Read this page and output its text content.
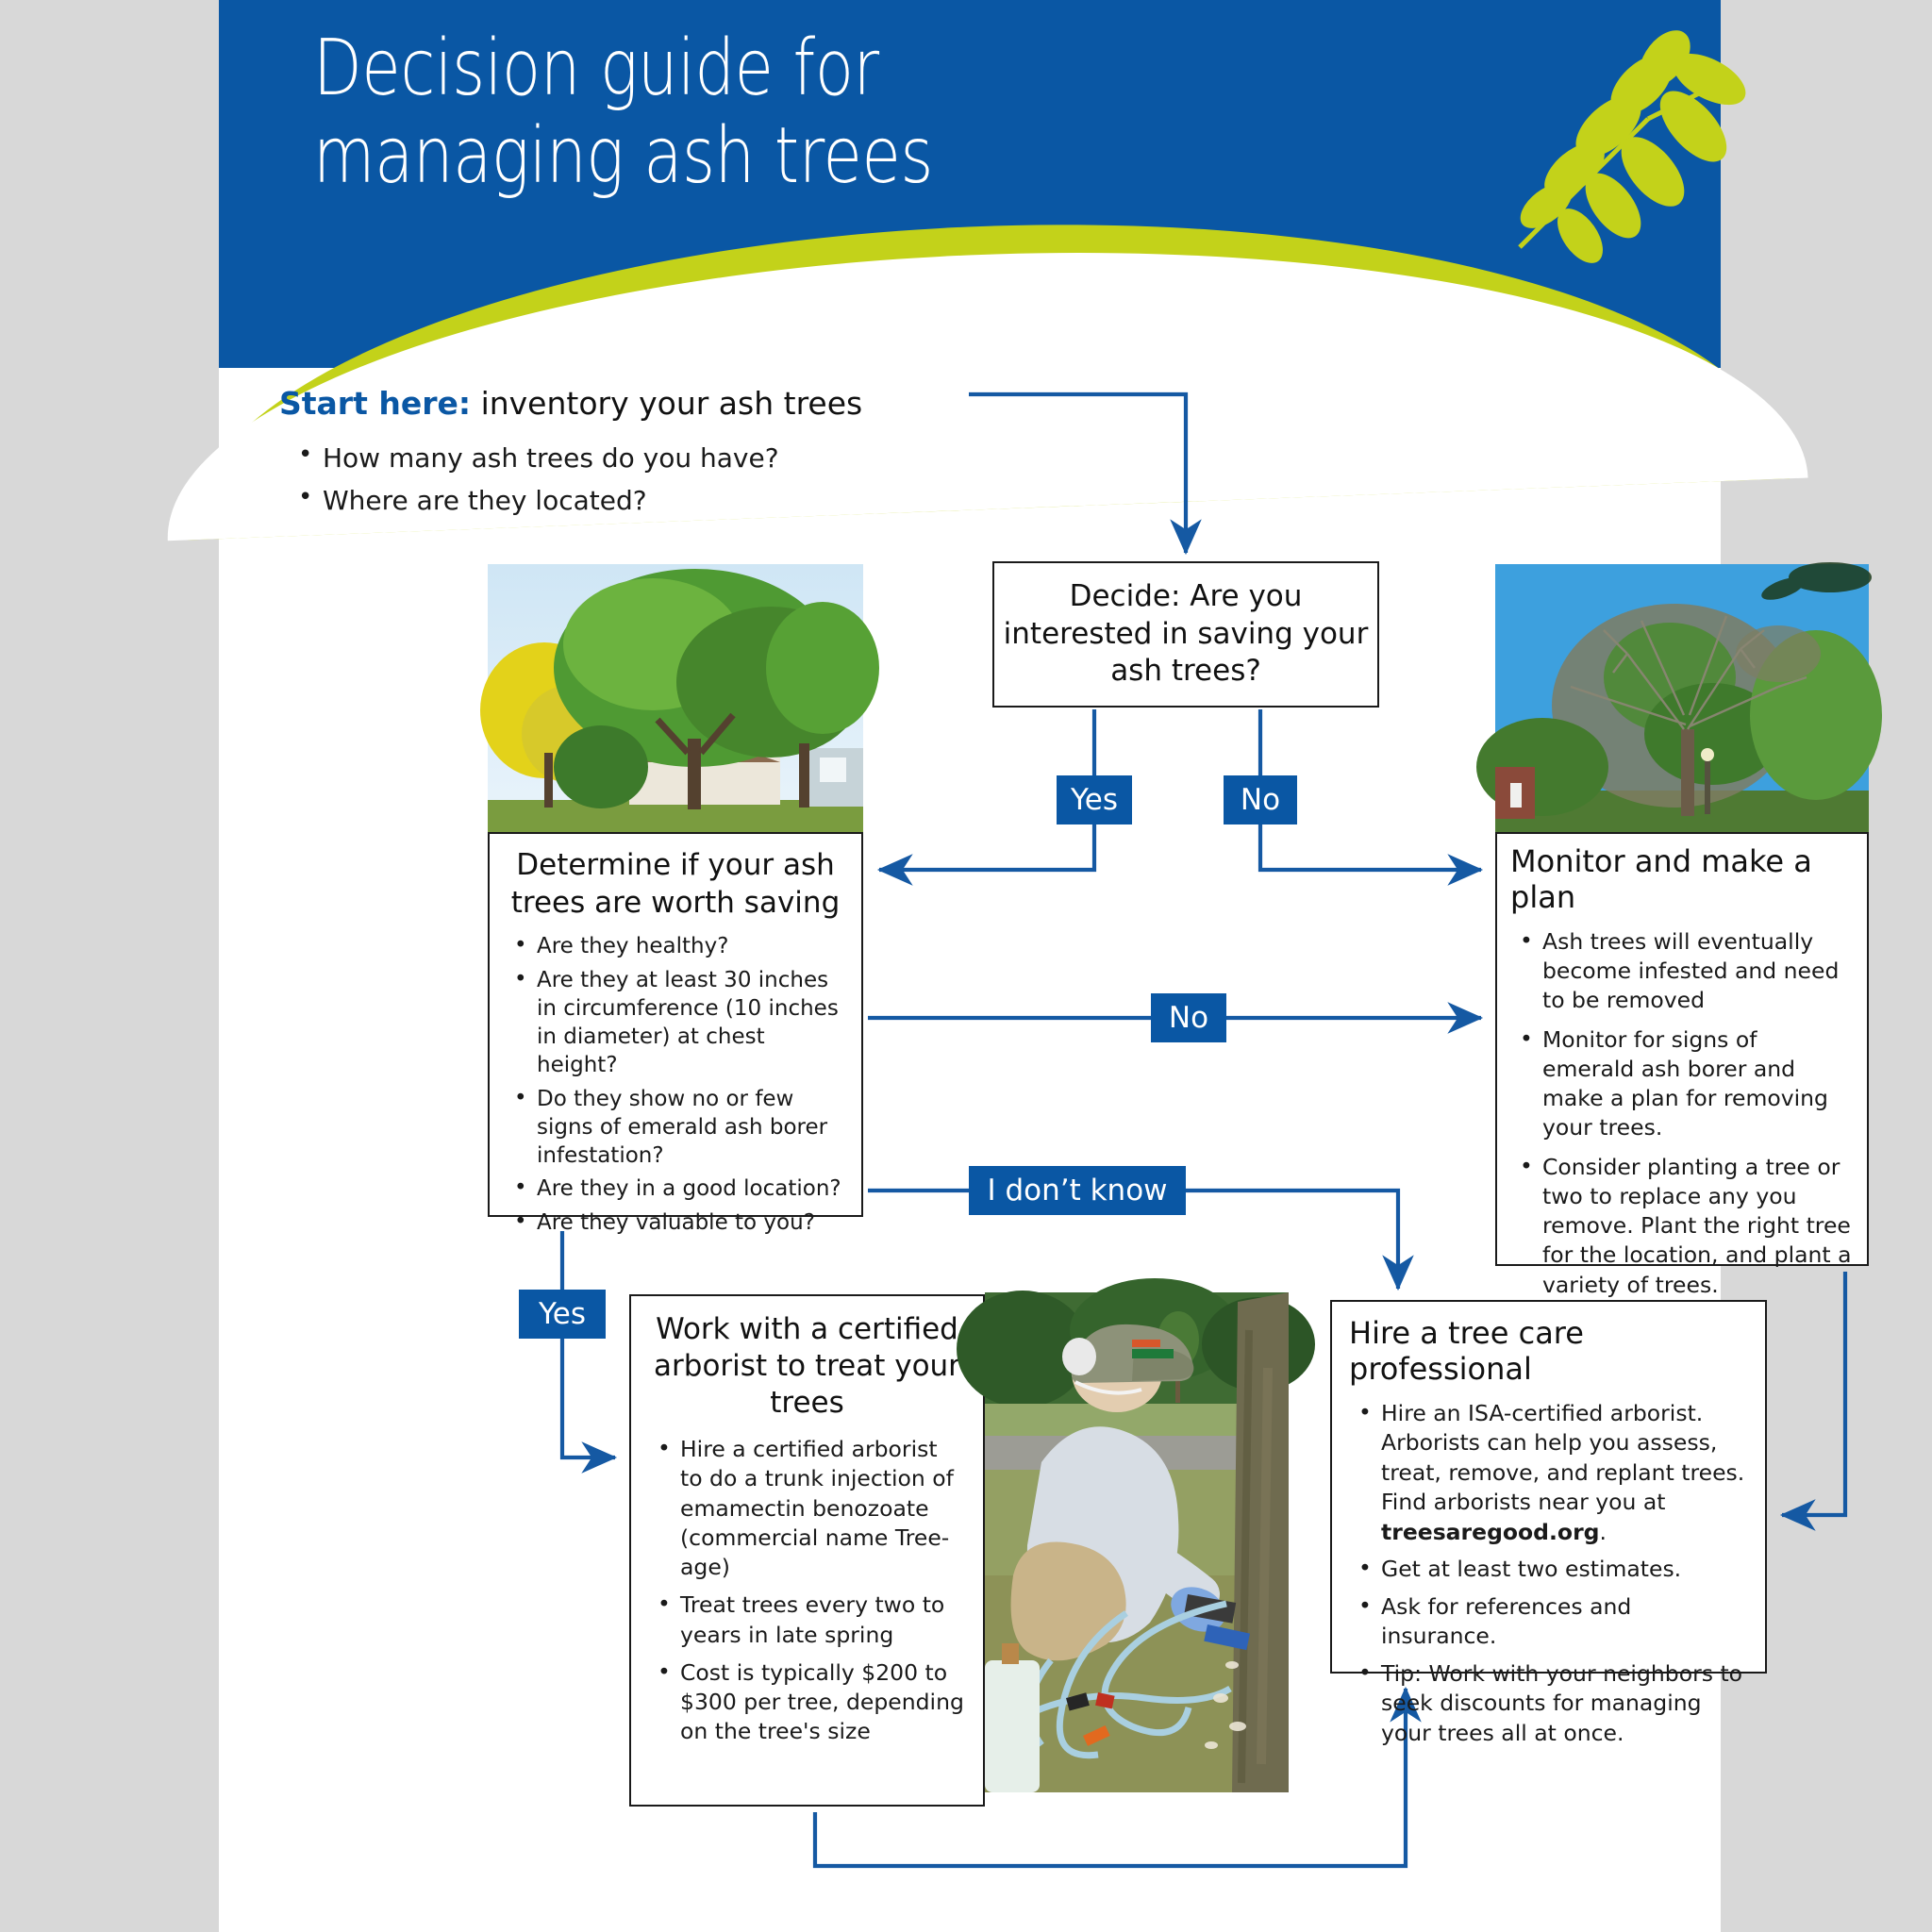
Decision guide for
managing ash trees
Start here: inventory your ash trees
• How many ash trees do you have?
• Where are they located?
Decide: Are you interested in saving your ash trees?
Determine if your ash trees are worth saving
• Are they healthy?
• Are they at least 30 inches in circumference (10 inches in diameter) at chest height?
• Do they show no or few signs of emerald ash borer infestation?
• Are they in a good location?
• Are they valuable to you?
Monitor and make a plan
• Ash trees will eventually become infested and need to be removed
• Monitor for signs of emerald ash borer and make a plan for removing your trees.
• Consider planting a tree or two to replace any you remove. Plant the right tree for the location, and plant a variety of trees.
Work with a certified arborist to treat your trees
• Hire a certified arborist to do a trunk injection of emamectin benozoate (commercial name Tree-age)
• Treat trees every two to years in late spring
• Cost is typically $200 to $300 per tree, depending on the tree's size
Hire a tree care professional
• Hire an ISA-certified arborist. Arborists can help you assess, treat, remove, and replant trees. Find arborists near you at treesaregood.org.
• Get at least two estimates.
• Ask for references and insurance.
• Tip: Work with your neighbors to seek discounts for managing your trees all at once.
Yes	No
No
I don’t know
Yes
